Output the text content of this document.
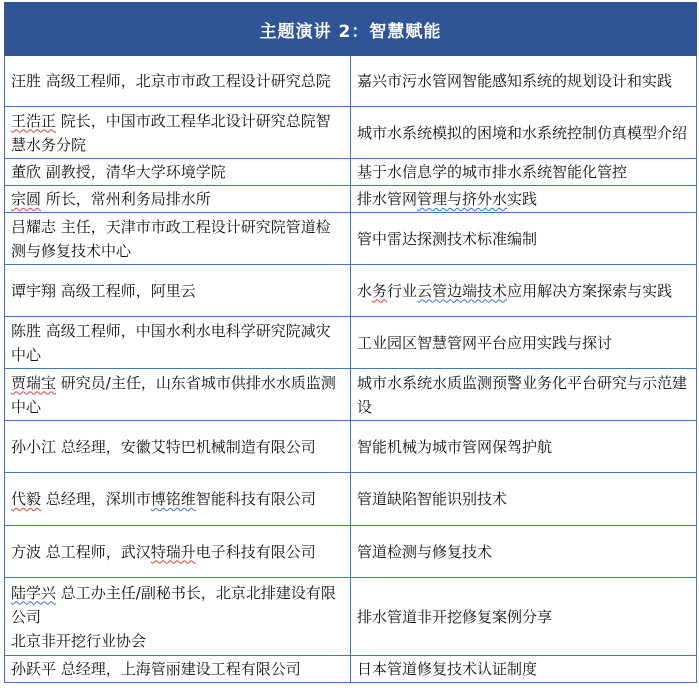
主题演讲 2：智慧赋能	
汪胜 高级工程师，北京市市政工程设计研究总院	嘉兴市污水管网智能感知系统的规划设计和实践
王浩正 院长，中国市政工程华北设计研究总院智慧水务分院	城市水系统模拟的困境和水系统控制仿真模型介绍
董欣 副教授，清华大学环境学院	基于水信息学的城市排水系统智能化管控
宗圆 所长，常州利务局排水所	排水管网管理与挤外水实践
吕耀志 主任，天津市市政工程设计研究院管道检测与修复技术中心	管中雷达探测技术标准编制
谭宇翔 高级工程师，阿里云	水务行业云管边端技术应用解决方案探索与实践
陈胜 高级工程师，中国水利水电科学研究院减灾中心	工业园区智慧管网平台应用实践与探讨
贾瑞宝 研究员/主任，山东省城市供排水水质监测中心	城市水系统水质监测预警业务化平台研究与示范建设
孙小江 总经理，安徽艾特巴机械制造有限公司	智能机械为城市管网保驾护航
代毅 总经理，深圳市博铭维智能科技有限公司	管道缺陷智能识别技术
方波 总工程师，武汉特瑞升电子科技有限公司	管道检测与修复技术
陆学兴 总工办主任/副秘书长，北京北排建设有限公司
北京非开挖行业协会	排水管道非开挖修复案例分享
孙跃平 总经理，上海管丽建设工程有限公司	日本管道修复技术认证制度
